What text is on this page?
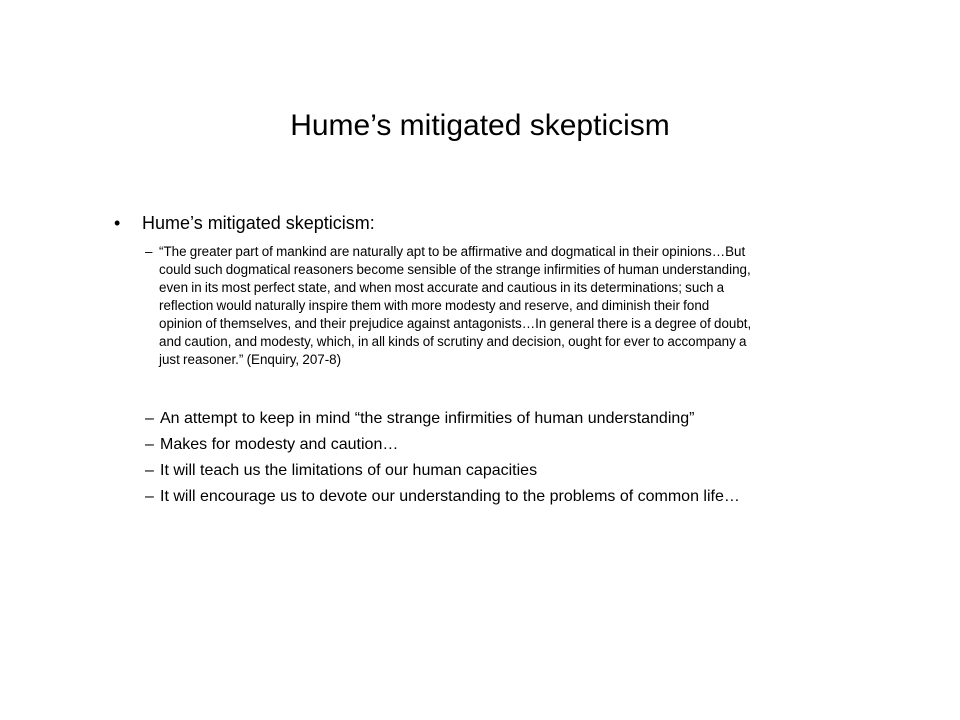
Hume’s mitigated skepticism
• Hume’s mitigated skepticism:
– “The greater part of mankind are naturally apt to be affirmative and dogmatical in their opinions…But
could such dogmatical reasoners become sensible of the strange infirmities of human understanding,
even in its most perfect state, and when most accurate and cautious in its determinations; such a
reflection would naturally inspire them with more modesty and reserve, and diminish their fond
opinion of themselves, and their prejudice against antagonists…In general there is a degree of doubt,
and caution, and modesty, which, in all kinds of scrutiny and decision, ought for ever to accompany a
just reasoner.” (Enquiry, 207-8)
– An attempt to keep in mind “the strange infirmities of human understanding”
– Makes for modesty and caution…
– It will teach us the limitations of our human capacities
– It will encourage us to devote our understanding to the problems of common life…
